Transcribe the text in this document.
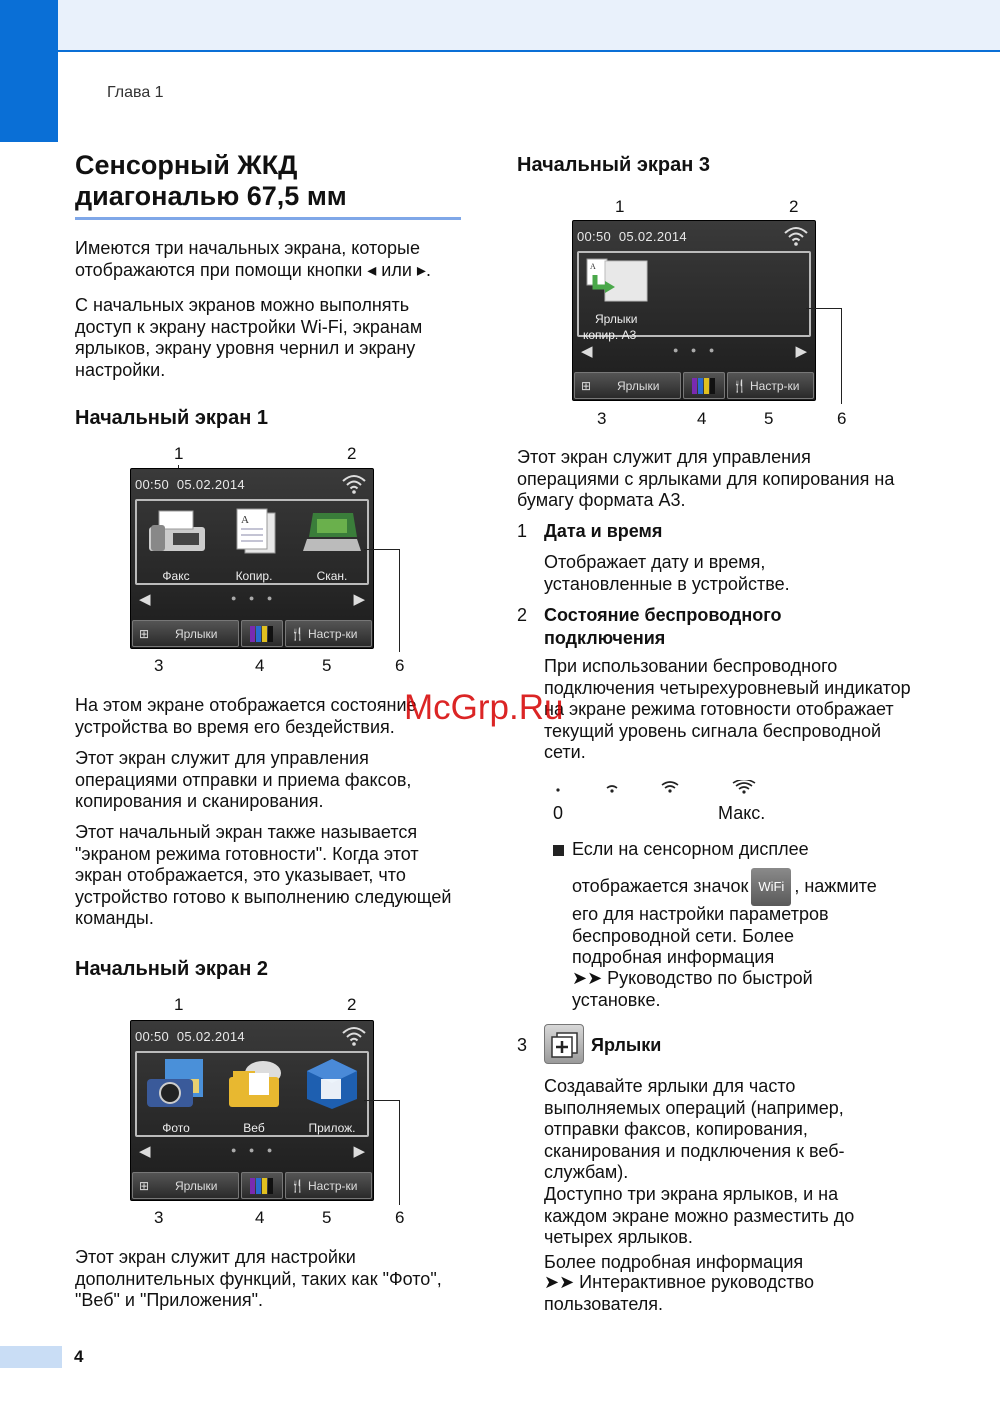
Глава 1
Сенсорный ЖКД
диагональю 67,5 мм
Имеются три начальных экрана, которые отображаются при помощи кнопки ◂ или ▸.
С начальных экранов можно выполнять доступ к экрану настройки Wi-Fi, экранам ярлыков, экрану уровня чернил и экрану настройки.
Начальный экран 1
1	2
00:50 05.02.2014
Факс
A
Копир.	Скан.
◀	● ● ●	▶
⊞ Ярлыки	🍴 Настр-ки
3	4	5	6
На этом экране отображается состояние устройства во время его бездействия.
Этот экран служит для управления операциями отправки и приема факсов, копирования и сканирования.
Этот начальный экран также называется "экраном режима готовности". Когда этот экран отображается, это указывает, что устройство готово к выполнению следующей команды.
Начальный экран 2
1	2
00:50 05.02.2014
Фото	Веб	Прилож.
◀	● ● ●	▶
⊞ Ярлыки	🍴 Настр-ки
3	4	5	6
Этот экран служит для настройки дополнительных функций, таких как "Фото", "Веб" и "Приложения".
Начальный экран 3
1	2
00:50 05.02.2014
A
Ярлыки
копир. А3
◀	● ● ●	▶
⊞ Ярлыки	🍴 Настр-ки
3	4	5	6
Этот экран служит для управления операциями с ярлыками для копирования на бумагу формата A3.
1 Дата и время
Отображает дату и время, установленные в устройстве.
2 Состояние беспроводного
подключения
При использовании беспроводного подключения четырехуровневый индикатор на экране режима готовности отображает текущий уровень сигнала беспроводной сети.
0	Макс.
Если на сенсорном дисплее
отображается значок WiFi , нажмите
его для настройки параметров беспроводной сети. Более подробная информация
➤➤ Руководство по быстрой установке.
3	Ярлыки
Создавайте ярлыки для часто выполняемых операций (например, отправки факсов, копирования, сканирования и подключения к веб-службам).
Доступно три экрана ярлыков, и на каждом экране можно разместить до четырех ярлыков.
Более подробная информация
➤➤ Интерактивное руководство пользователя.
McGrp.Ru
4
